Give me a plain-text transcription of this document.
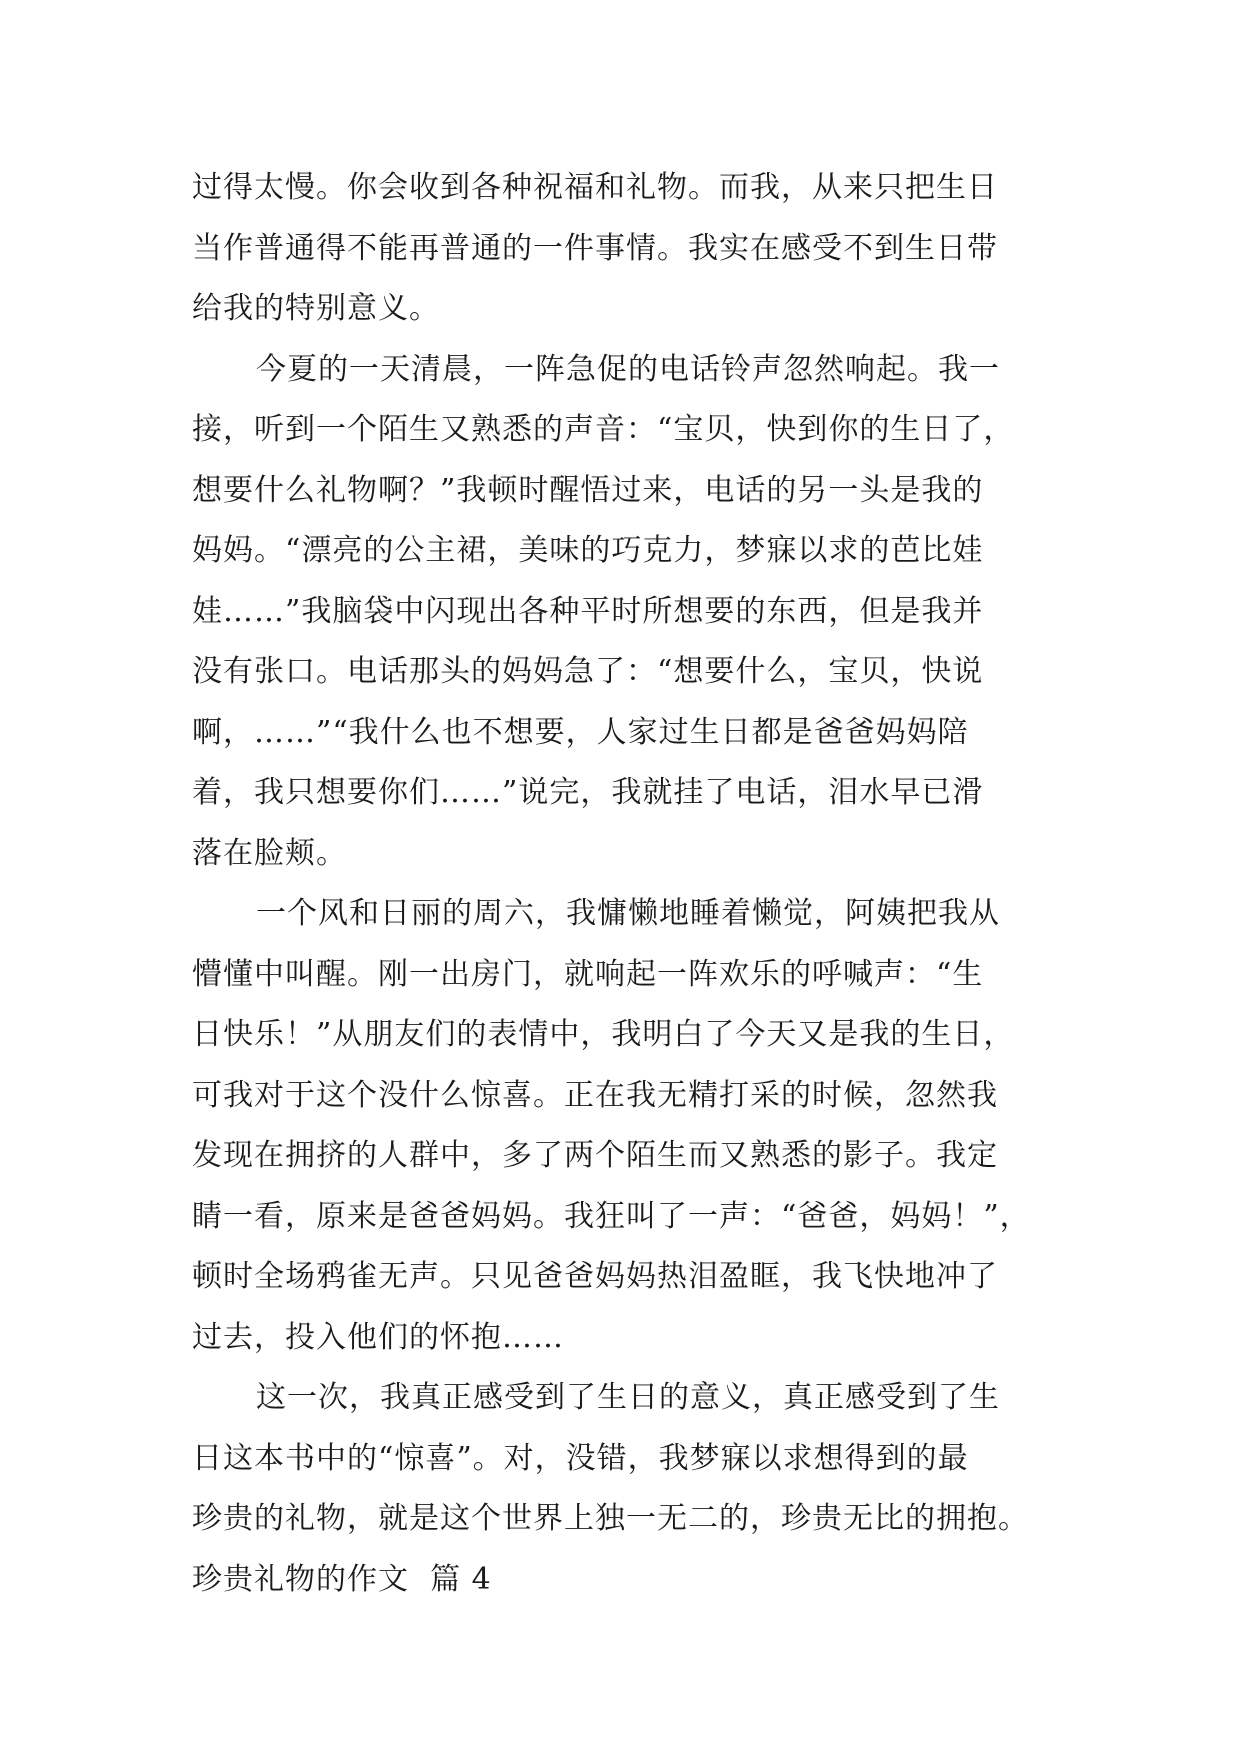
过得太慢。你会收到各种祝福和礼物。而我，从来只把生日
当作普通得不能再普通的一件事情。我实在感受不到生日带
给我的特别意义。
今夏的一天清晨，一阵急促的电话铃声忽然响起。我一
接，听到一个陌生又熟悉的声音：“宝贝，快到你的生日了，
想要什么礼物啊？”我顿时醒悟过来，电话的另一头是我的
妈妈。“漂亮的公主裙，美味的巧克力，梦寐以求的芭比娃
娃……”我脑袋中闪现出各种平时所想要的东西，但是我并
没有张口。电话那头的妈妈急了：“想要什么，宝贝，快说
啊，……”“我什么也不想要，人家过生日都是爸爸妈妈陪
着，我只想要你们……”说完，我就挂了电话，泪水早已滑
落在脸颊。
一个风和日丽的周六，我慵懒地睡着懒觉，阿姨把我从
懵懂中叫醒。刚一出房门，就响起一阵欢乐的呼喊声：“生
日快乐！”从朋友们的表情中，我明白了今天又是我的生日，
可我对于这个没什么惊喜。正在我无精打采的时候，忽然我
发现在拥挤的人群中，多了两个陌生而又熟悉的影子。我定
睛一看，原来是爸爸妈妈。我狂叫了一声：“爸爸，妈妈！”，
顿时全场鸦雀无声。只见爸爸妈妈热泪盈眶，我飞快地冲了
过去，投入他们的怀抱……
这一次，我真正感受到了生日的意义，真正感受到了生
日这本书中的“惊喜”。对，没错，我梦寐以求想得到的最
珍贵的礼物，就是这个世界上独一无二的，珍贵无比的拥抱。
珍贵礼物的作文  篇 4
